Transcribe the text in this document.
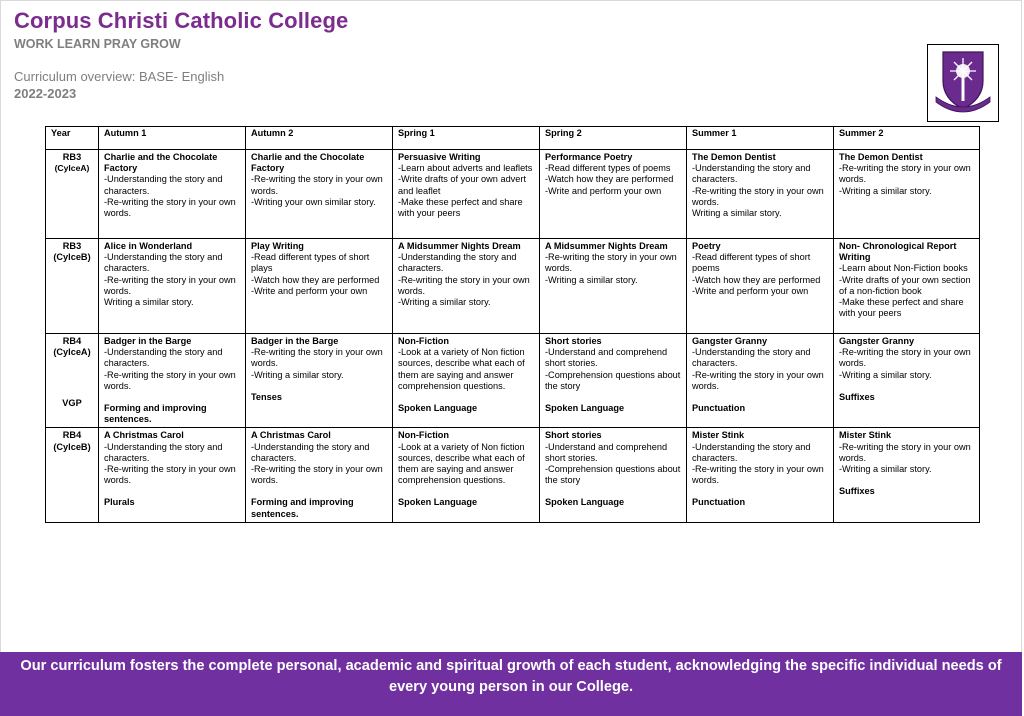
Corpus Christi Catholic College
WORK LEARN PRAY GROW
Curriculum overview: BASE- English
2022-2023
Year	Autumn 1	Autumn 2	Spring 1	Spring 2	Summer 1	Summer 2

RB3
(CylceA)	Charlie and the Chocolate Factory
-Understanding the story and characters.
-Re-writing the story in your own words.	Charlie and the Chocolate Factory
-Re-writing the story in your own words.
-Writing your own similar story.	Persuasive Writing
-Learn about adverts and leaflets
-Write drafts of your own advert and leaflet
-Make these perfect and share with your peers	Performance Poetry
-Read different types of poems
-Watch how they are performed
-Write and perform your own	The Demon Dentist
-Understanding the story and characters.
-Re-writing the story in your own words.
Writing a similar story.	The Demon Dentist
-Re-writing the story in your own words.
-Writing a similar story.

RB3
(CylceB)	Alice in Wonderland
-Understanding the story and characters.
-Re-writing the story in your own words.
Writing a similar story.	Play Writing
-Read different types of short plays
-Watch how they are performed
-Write and perform your own	A Midsummer Nights Dream
-Understanding the story and characters.
-Re-writing the story in your own words.
-Writing a similar story.	A Midsummer Nights Dream
-Re-writing the story in your own words.
-Writing a similar story.	Poetry
-Read different types of short poems
-Watch how they are performed
-Write and perform your own	Non- Chronological Report Writing
-Learn about Non-Fiction books
-Write drafts of your own section of a non-fiction book
-Make these perfect and share with your peers

RB4
(CylceA)
VGP	Badger in the Barge
-Understanding the story and characters.
-Re-writing the story in your own words.
Forming and improving sentences.	Badger in the Barge
-Re-writing the story in your own words.
-Writing a similar story.
Tenses	Non-Fiction
-Look at a variety of Non fiction sources, describe what each of them are saying and answer comprehension questions.
Spoken Language	Short stories
-Understand and comprehend short stories.
-Comprehension questions about the story
Spoken Language	Gangster Granny
-Understanding the story and characters.
-Re-writing the story in your own words.
Punctuation	Gangster Granny
-Re-writing the story in your own words.
-Writing a similar story.
Suffixes

RB4
(CylceB)	A Christmas Carol
-Understanding the story and characters.
-Re-writing the story in your own words.
Plurals	A Christmas Carol
-Understanding the story and characters.
-Re-writing the story in your own words.
Forming and improving sentences.	Non-Fiction
-Look at a variety of Non fiction sources, describe what each of them are saying and answer comprehension questions.
Spoken Language	Short stories
-Understand and comprehend short stories.
-Comprehension questions about the story
Spoken Language	Mister Stink
-Understanding the story and characters.
-Re-writing the story in your own words.
Punctuation	Mister Stink
-Re-writing the story in your own words.
-Writing a similar story.
Suffixes
Our curriculum fosters the complete personal, academic and spiritual growth of each student, acknowledging the specific individual needs of every young person in our College.
